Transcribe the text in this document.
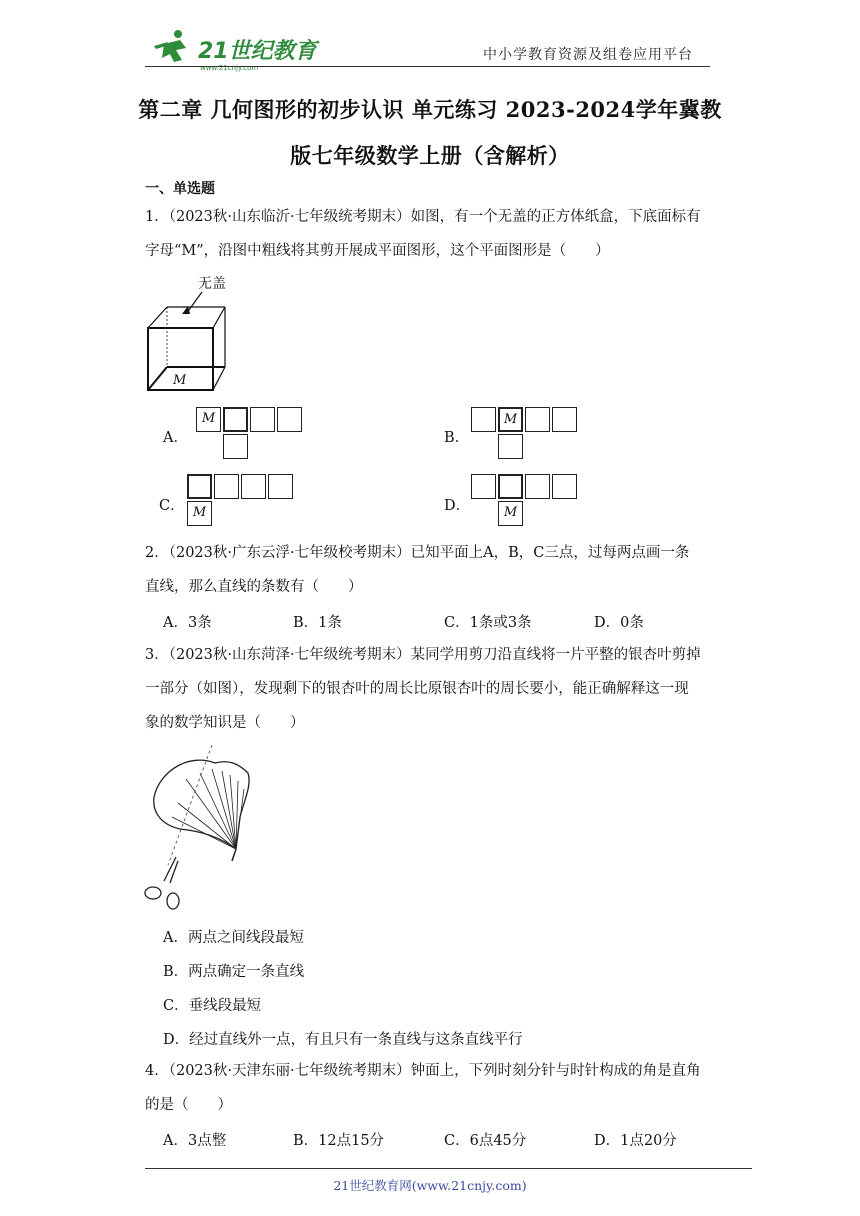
21世纪教育
www.21cnjy.com
中小学教育资源及组卷应用平台
第二章 几何图形的初步认识 单元练习 2023-2024学年冀教
版七年级数学上册（含解析）
一、单选题
1．（2023秋·山东临沂·七年级统考期末）如图，有一个无盖的正方体纸盒，下底面标有
字母“M”，沿图中粗线将其剪开展成平面图形，这个平面图形是（　　）
无盖
M
A．
M
B．
M
C． M	D．	M
2．（2023秋·广东云浮·七年级校考期末）已知平面上A，B，C三点，过每两点画一条
直线，那么直线的条数有（　　）
A．3条	B．1条	C．1条或3条	D．0条
3．（2023秋·山东菏泽·七年级统考期末）某同学用剪刀沿直线将一片平整的银杏叶剪掉
一部分（如图），发现剩下的银杏叶的周长比原银杏叶的周长要小，能正确解释这一现
象的数学知识是（　　）
A．两点之间线段最短
B．两点确定一条直线
C．垂线段最短
D．经过直线外一点，有且只有一条直线与这条直线平行
4．（2023秋·天津东丽·七年级统考期末）钟面上，下列时刻分针与时针构成的角是直角
的是（　　）
A．3点整	B．12点15分	C．6点45分	D．1点20分
21世纪教育网(www.21cnjy.com)
